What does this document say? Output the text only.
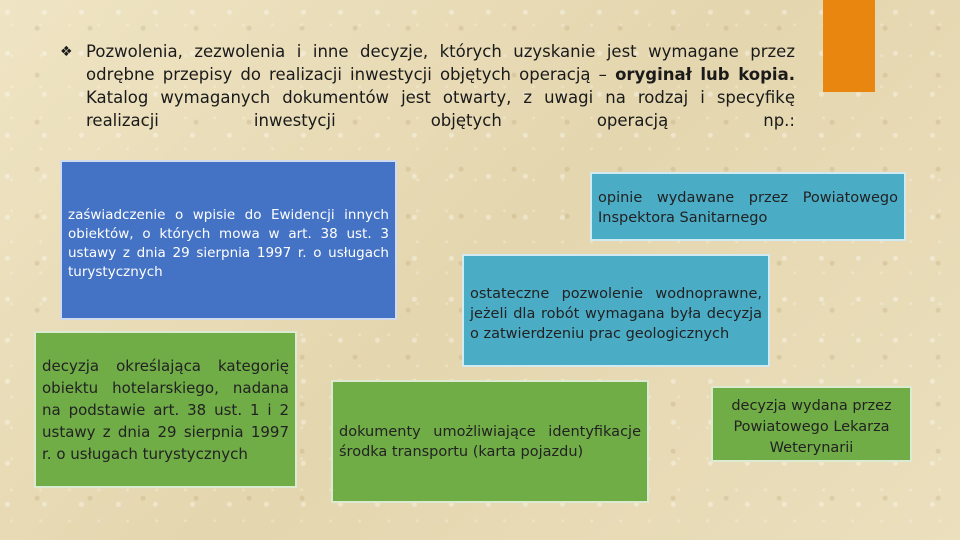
❖ Pozwolenia, zezwolenia i inne decyzje, których uzyskanie jest wymagane przez odrębne przepisy do realizacji inwestycji objętych operacją – oryginał lub kopia. Katalog wymaganych dokumentów jest otwarty, z uwagi na rodzaj i specyfikę realizacji inwestycji objętych operacją np.:

zaświadczenie o wpisie do Ewidencji innych obiektów, o których mowa w art. 38 ust. 3 ustawy z dnia 29 sierpnia 1997 r. o usługach turystycznych
opinie wydawane przez Powiatowego Inspektora Sanitarnego
ostateczne pozwolenie wodnoprawne, jeżeli dla robót wymagana była decyzja o zatwierdzeniu prac geologicznych
decyzja określająca kategorię obiektu hotelarskiego, nadana na podstawie art. 38 ust. 1 i 2 ustawy z dnia 29 sierpnia 1997 r. o usługach turystycznych
dokumenty umożliwiające identyfikacje środka transportu (karta pojazdu)
decyzja wydana przez Powiatowego Lekarza Weterynarii
